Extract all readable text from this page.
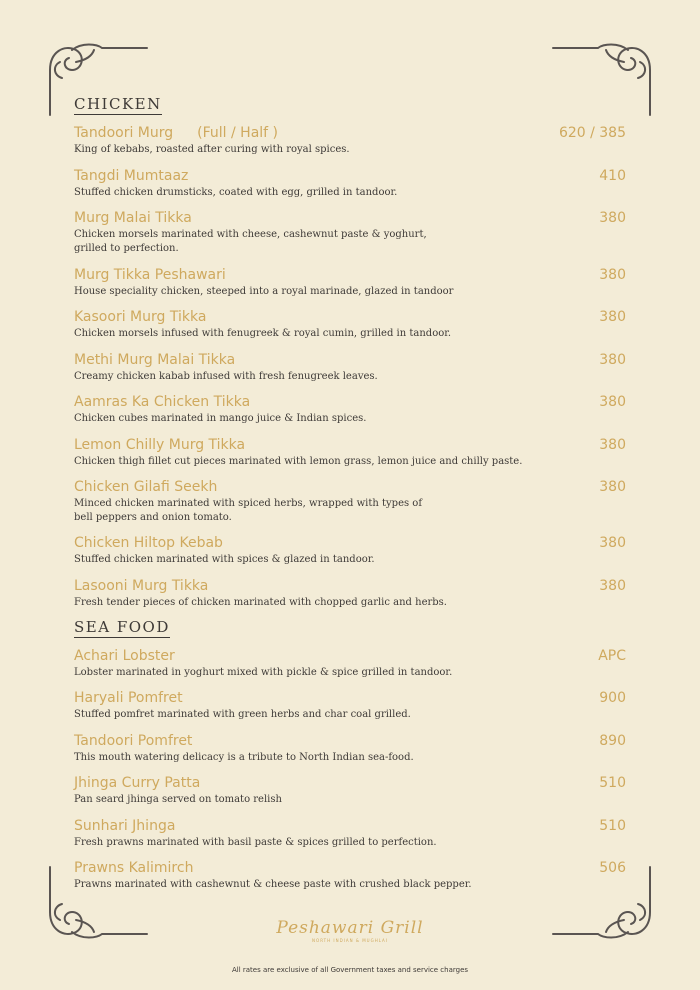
CHICKEN
Tandoori Murg (Full / Half )	620 / 385
King of kebabs, roasted after curing with royal spices.
Tangdi Mumtaaz	410
Stuffed chicken drumsticks, coated with egg, grilled in tandoor.
Murg Malai Tikka	380
Chicken morsels marinated with cheese, cashewnut paste & yoghurt,
grilled to perfection.
Murg Tikka Peshawari	380
House speciality chicken, steeped into a royal marinade, glazed in tandoor
Kasoori Murg Tikka	380
Chicken morsels infused with fenugreek & royal cumin, grilled in tandoor.
Methi Murg Malai Tikka	380
Creamy chicken kabab infused with fresh fenugreek leaves.
Aamras Ka Chicken Tikka	380
Chicken cubes marinated in mango juice & Indian spices.
Lemon Chilly Murg Tikka	380
Chicken thigh fillet cut pieces marinated with lemon grass, lemon juice and chilly paste.
Chicken Gilafi Seekh	380
Minced chicken marinated with spiced herbs, wrapped with types of
bell peppers and onion tomato.
Chicken Hiltop Kebab	380
Stuffed chicken marinated with spices & glazed in tandoor.
Lasooni Murg Tikka	380
Fresh tender pieces of chicken marinated with chopped garlic and herbs.
SEA FOOD
Achari Lobster	APC
Lobster marinated in yoghurt mixed with pickle & spice grilled in tandoor.
Haryali Pomfret	900
Stuffed pomfret marinated with green herbs and char coal grilled.
Tandoori Pomfret	890
This mouth watering delicacy is a tribute to North Indian sea-food.
Jhinga Curry Patta	510
Pan seard jhinga served on tomato relish
Sunhari Jhinga	510
Fresh prawns marinated with basil paste & spices grilled to perfection.
Prawns Kalimirch	506
Prawns marinated with cashewnut & cheese paste with crushed black pepper.
Peshawari Grill
NORTH INDIAN & MUGHLAI
All rates are exclusive of all Government taxes and service charges
